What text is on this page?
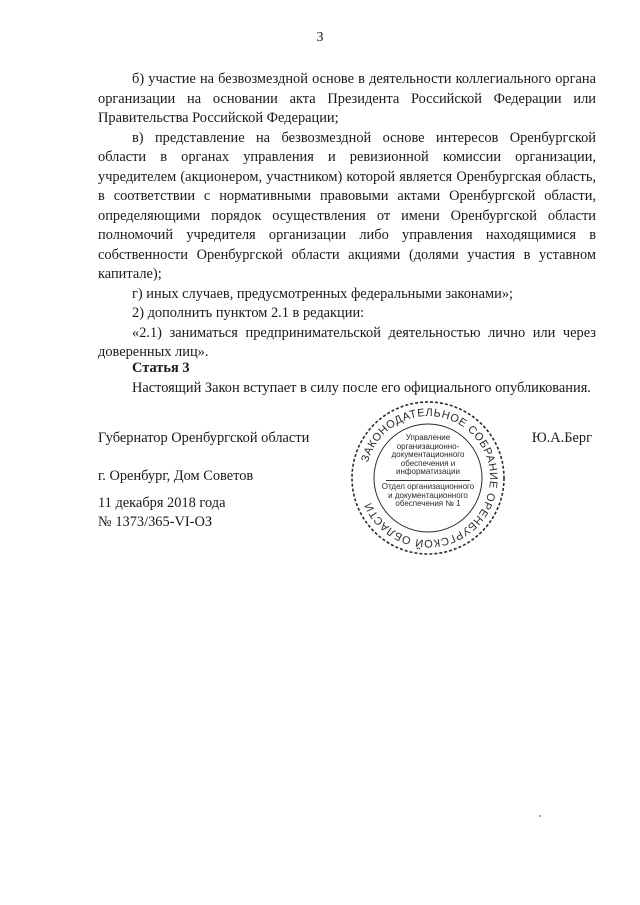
3

б) участие на безвозмездной основе в деятельности коллегиального органа организации на основании акта Президента Российской Федерации или Правительства Российской Федерации;

в) представление на безвозмездной основе интересов Оренбургской области в органах управления и ревизионной комиссии организации, учредителем (акционером, участником) которой является Оренбургская область, в соответствии с нормативными правовыми актами Оренбургской области, определяющими порядок осуществления от имени Оренбургской области полномочий учредителя организации либо управления находящимися в собственности Оренбургской области акциями (долями участия в уставном капитале);

г) иных случаев, предусмотренных федеральными законами»;

2) дополнить пунктом 2.1 в редакции:

«2.1) заниматься предпринимательской деятельностью лично или через доверенных лиц».

Статья 3

Настоящий Закон вступает в силу после его официального опубликования.

Губернатор Оренбургской области	Ю.А.Берг
г. Оренбург, Дом Советов
11 декабря 2018 года
№ 1373/365-VI-ОЗ
ЗАКОНОДАТЕЛЬНОЕ СОБРАНИЕ ОРЕНБУРГСКОЙ ОБЛАСТИ
Управление организационно-документационного обеспечения и информатизации
Отдел организационного и документационного обеспечения № 1
